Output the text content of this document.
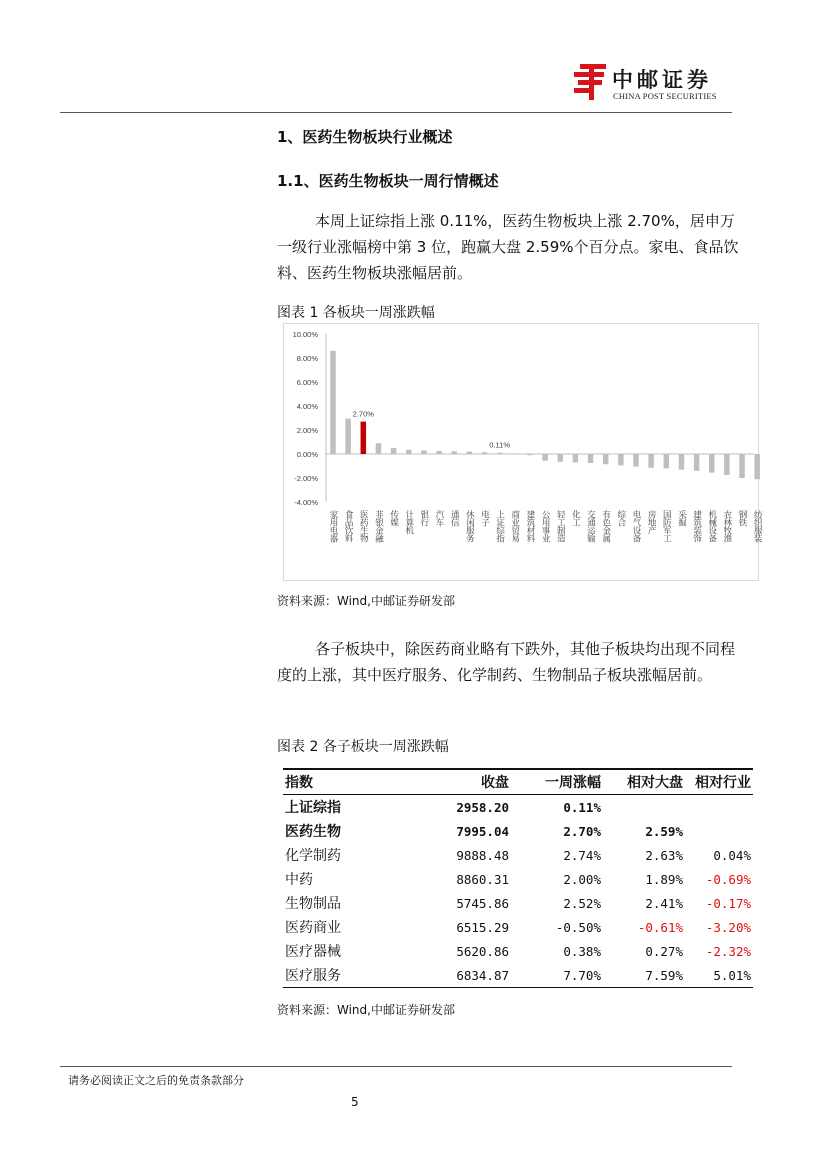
中邮证券
CHINA POST SECURITIES
1、医药生物板块行业概述
1.1、医药生物板块一周行情概述

本周上证综指上涨 0.11%，医药生物板块上涨 2.70%，居申万一级行业涨幅榜中第 3 位，跑赢大盘 2.59%个百分点。家电、食品饮料、医药生物板块涨幅居前。

图表 1 各板块一周涨跌幅
10.00%
8.00%
6.00%
4.00%
2.00%
0.00%
-2.00%
-4.00%
家用电器 食品饮料 医药生物
2.70%
非银金融 传媒 计算机 银行 汽车 通信 休闲服务 电子 上证综指
0.11%
商业贸易 建筑材料 公用事业 轻工制造 化工 交通运输 有色金属 综合 电气设备 房地产 国防军工 采掘 建筑装饰 机械设备 农林牧渔 钢铁 纺织服装
资料来源：Wind,中邮证券研发部

各子板块中，除医药商业略有下跌外，其他子板块均出现不同程度的上涨，其中医疗服务、化学制药、生物制品子板块涨幅居前。

图表 2 各子板块一周涨跌幅
指数	收盘	一周涨幅	相对大盘	相对行业
上证综指	2958.20	0.11%		
医药生物	7995.04	2.70%	2.59%	
化学制药	9888.48	2.74%	2.63%	0.04%
中药	8860.31	2.00%	1.89%	-0.69%
生物制品	5745.86	2.52%	2.41%	-0.17%
医药商业	6515.29	-0.50%	-0.61%	-3.20%
医疗器械	5620.86	0.38%	0.27%	-2.32%
医疗服务	6834.87	7.70%	7.59%	5.01%
资料来源：Wind,中邮证券研发部
请务必阅读正文之后的免责条款部分
5
